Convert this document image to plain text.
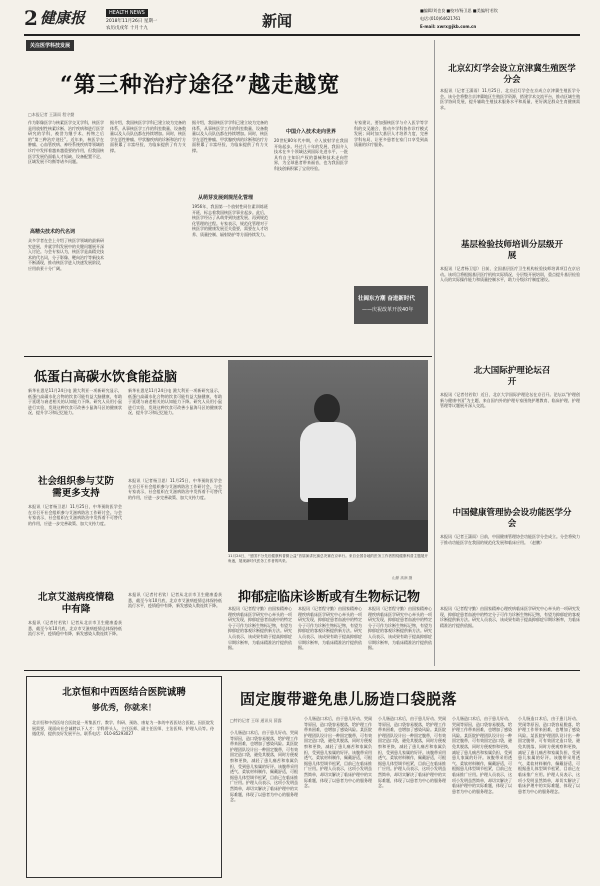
2 健康报	HEALTH NEWS
2018年11月26日 星期一
农历戊戌年 十月十九	新闻
■编辑/刘也良 ■校对/杨卫思 ■美编/付若钦
电话:(010)64621761
E-mail: xwrx@jkb.com.cn
关注医学科技发展
“第三种治疗途径”越走越宽
□本报记者 王潇雨 程守勤
作为影像医学与核素医学交叉学科，核医学是用放射性核素诊断、治疗疾病和进行医学研究的学科，被誉为继手术、药物之后的“第三种治疗途径”。近年来，核医学在肿瘤、心血管疾病、神经系统疾病等领域的诊疗中发挥着越来越重要的作用，但我国核医学发展仍面临人才短缺、设备配置不足、区域发展不均衡等诸多问题。
高精尖技术的代名词
众多学者在会上介绍了核医学领域的最新研究进展，并就学科发展中的关键问题展开深入讨论。与会专家认为，核医学是高精尖技术的代名词，分子影像、靶向治疗等新技术不断涌现，推动核医学进入快速发展阶段，应用前景十分广阔。
据介绍，我国核医学学科已建立较为完备的体系，从事核医学工作的科室数量、设备数量以及人员队伍都在持续增加。同时，核医学在恶性肿瘤、甲状腺疾病的诊断和治疗方面积累了丰富经验，为临床提供了有力支撑。
据介绍，我国核医学学科已建立较为完备的体系，从事核医学工作的科室数量、设备数量以及人员队伍都在持续增加。同时，核医学在恶性肿瘤、甲状腺疾病的诊断和治疗方面积累了丰富经验，为临床提供了有力支撑。
从萌芽发展到规范化管理
1956年，我国第一个放射性同位素训练班开班，标志着我国核医学事业起步。此后，核医学经历了从萌芽到快速发展、再到规范化管理的过程。专家表示，规范化管理对于核医学的健康发展至关重要，需要在人才培养、质量控制、辐射防护等方面持续发力。
中国介入技术走向世界
20世纪80年代中期，介入放射学在我国开始起步。经过几十年的发展，我国介入技术在多个领域达到国际先进水平，一批具有自主知识产权的器械和技术走向世界，为全球患者带来福音，也为我国医学科技创新积累了宝贵经验。
专家建议，要加强核医学与介入医学等学科的交叉融合，推动多学科协作诊疗模式发展；同时加大基层人才培养力度，完善学科布局，让更多患者在家门口享受到高质量的诊疗服务。
壮阔东方潮 奋进新时代
——庆祝改革开放40年
北京幻灯学会设立京津冀生殖医学分会
本报讯（记者王潇雨）11月25日，北京幻灯学会在京成立京津冀生殖医学分会。该分会将整合京津冀地区生殖医学资源，搭建学术交流平台，推动区域生殖医学协同发展，提升辅助生殖技术服务水平和质量，更好满足群众生育健康需求。
基层检验技师培训分层级开展
本报讯（记者杨卫思）日前，全国基层医疗卫生机构检验技师培训项目在京启动。该项目将根据基层医疗机构实际情况，分层级开展培训，重点提升基层检验人员的实际操作能力和质量控制水平，助力分级诊疗制度建设。
北大国际护理论坛召开
本报讯（记者付若钦）近日，北京大学国际护理论坛在京召开。论坛以“护理创新与健康中国”为主题，来自国内外的护理专家围绕护理教育、临床护理、护理管理等议题展开深入交流。
中国健康管理协会设功能医学分会
本报讯（记者王潇雨）日前，中国健康管理协会功能医学分会成立。分会将致力于推动功能医学在我国的规范化发展和临床应用。（赵鹏）
低蛋白高碳水饮食能益脑
新华社悉尼11月24日电 澳大利亚一项新研究显示，低蛋白高碳水化合物的饮食可能有益大脑健康，有助于延缓与衰老相关的认知能力下降。研究人员用小鼠进行实验，发现这种饮食可改善小鼠海马区的健康状况，提升学习和记忆能力。
新华社悉尼11月24日电 澳大利亚一项新研究显示，低蛋白高碳水化合物的饮食可能有益大脑健康，有助于延缓与衰老相关的认知能力下降。研究人员用小鼠进行实验，发现这种饮食可改善小鼠海马区的健康状况，提升学习和记忆能力。
社会组织参与艾防需更多支持
本报讯（记者杨卫思）11月25日，中华预防医学会在京召开社会组织参与艾滋病防治工作研讨会。与会专家表示，社会组织在艾滋病防治中发挥着不可替代的作用，应进一步完善政策、加大支持力度。
本报讯（记者杨卫思）11月25日，中华预防医学会在京召开社会组织参与艾滋病防治工作研讨会。与会专家表示，社会组织在艾滋病防治中发挥着不可替代的作用，应进一步完善政策、加大支持力度。
北京艾滋病疫情稳中有降
本报讯（记者付若钦）记者从北京市卫生健康委获悉，截至今年10月底，北京市艾滋病疫情总体保持低流行水平，疫情稳中有降，新发感染人数连续下降。
本报讯（记者付若钦）记者从北京市卫生健康委获悉，截至今年10月底，北京市艾滋病疫情总体保持低流行水平，疫情稳中有降，新发感染人数连续下降。
11月24日，“爱国不分先后健康科普微公益”首届演讲比赛总决赛在京举行。来自全国各地的医务工作者围绕健康科普主题展开角逐，展现新时代医务工作者的风采。
山厦 高润 摄
抑郁症临床诊断或有生物标记物
本报讯（记者程守勤）由国家精神心理疾病临床医学研究中心牵头的一项研究发现，抑郁症患者血液中的特定分子可作为诊断生物标记物，有望为抑郁症的客观诊断提供新方法。研究人员表示，该成果有助于提高抑郁症早期诊断率，为临床精准治疗提供依据。
本报讯（记者程守勤）由国家精神心理疾病临床医学研究中心牵头的一项研究发现，抑郁症患者血液中的特定分子可作为诊断生物标记物，有望为抑郁症的客观诊断提供新方法。研究人员表示，该成果有助于提高抑郁症早期诊断率，为临床精准治疗提供依据。
本报讯（记者程守勤）由国家精神心理疾病临床医学研究中心牵头的一项研究发现，抑郁症患者血液中的特定分子可作为诊断生物标记物，有望为抑郁症的客观诊断提供新方法。研究人员表示，该成果有助于提高抑郁症早期诊断率，为临床精准治疗提供依据。
本报讯（记者程守勤）由国家精神心理疾病临床医学研究中心牵头的一项研究发现，抑郁症患者血液中的特定分子可作为诊断生物标记物，有望为抑郁症的客观诊断提供新方法。研究人员表示，该成果有助于提高抑郁症早期诊断率，为临床精准治疗提供依据。
北京恒和中西医结合医院诚聘
够优秀，你就来！
北京恒和中西医结合医院是一所集医疗、教学、科研、预防、康复为一体的中西医结合医院。因医院发展需要，现面向社会诚聘以下人才：学科带头人、主任医师、副主任医师、主治医师、护理人员等。待遇优厚，提供良好发展平台。联系电话：010-85293027
固定腹带避免患儿肠造口袋脱落
□特约记者 王琛 通讯员 薛露
小儿肠造口术后，由于患儿好动、哭闹等原因，造口袋容易脱落，给护理工作带来困难，也增加了感染风险。某医院护理团队设计出一种固定腹带，可有效固定造口袋，避免其脱落，同时方便观察和更换，减轻了患儿痛苦和家属负担，受到患儿家属的好评。该腹带采用透气、柔软材料制作，佩戴舒适，可根据患儿体型调节松紧，目前已在临床推广应用。护理人员表示，这项小发明虽然简单，却切实解决了临床护理中的实际难题，体现了以患者为中心的服务理念。
小儿肠造口术后，由于患儿好动、哭闹等原因，造口袋容易脱落，给护理工作带来困难，也增加了感染风险。某医院护理团队设计出一种固定腹带，可有效固定造口袋，避免其脱落，同时方便观察和更换，减轻了患儿痛苦和家属负担，受到患儿家属的好评。该腹带采用透气、柔软材料制作，佩戴舒适，可根据患儿体型调节松紧，目前已在临床推广应用。护理人员表示，这项小发明虽然简单，却切实解决了临床护理中的实际难题，体现了以患者为中心的服务理念。
小儿肠造口术后，由于患儿好动、哭闹等原因，造口袋容易脱落，给护理工作带来困难，也增加了感染风险。某医院护理团队设计出一种固定腹带，可有效固定造口袋，避免其脱落，同时方便观察和更换，减轻了患儿痛苦和家属负担，受到患儿家属的好评。该腹带采用透气、柔软材料制作，佩戴舒适，可根据患儿体型调节松紧，目前已在临床推广应用。护理人员表示，这项小发明虽然简单，却切实解决了临床护理中的实际难题，体现了以患者为中心的服务理念。
小儿肠造口术后，由于患儿好动、哭闹等原因，造口袋容易脱落，给护理工作带来困难，也增加了感染风险。某医院护理团队设计出一种固定腹带，可有效固定造口袋，避免其脱落，同时方便观察和更换，减轻了患儿痛苦和家属负担，受到患儿家属的好评。该腹带采用透气、柔软材料制作，佩戴舒适，可根据患儿体型调节松紧，目前已在临床推广应用。护理人员表示，这项小发明虽然简单，却切实解决了临床护理中的实际难题，体现了以患者为中心的服务理念。
小儿肠造口术后，由于患儿好动、哭闹等原因，造口袋容易脱落，给护理工作带来困难，也增加了感染风险。某医院护理团队设计出一种固定腹带，可有效固定造口袋，避免其脱落，同时方便观察和更换，减轻了患儿痛苦和家属负担，受到患儿家属的好评。该腹带采用透气、柔软材料制作，佩戴舒适，可根据患儿体型调节松紧，目前已在临床推广应用。护理人员表示，这项小发明虽然简单，却切实解决了临床护理中的实际难题，体现了以患者为中心的服务理念。
